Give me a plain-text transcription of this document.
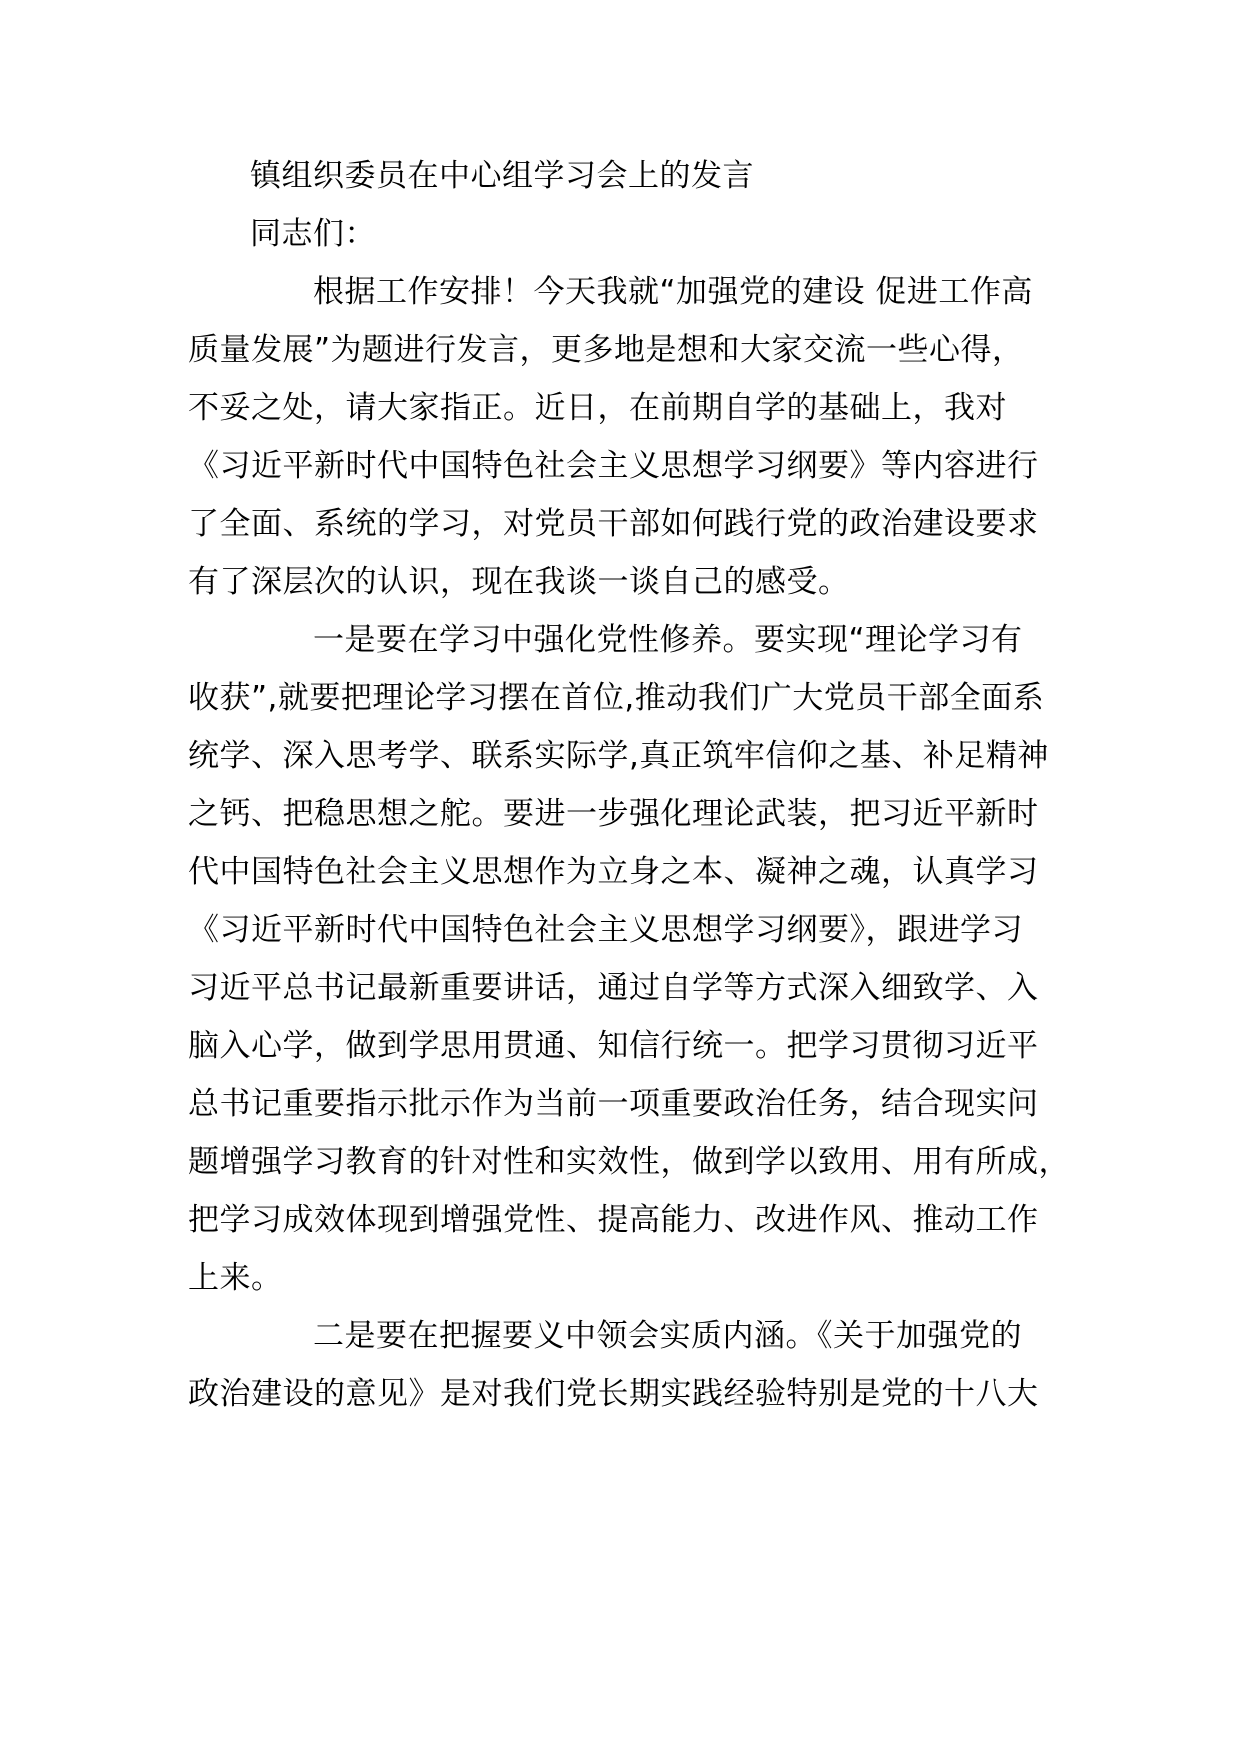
镇组织委员在中心组学习会上的发言
同志们：
根据工作安排！今天我就“加强党的建设 促进工作高
质量发展”为题进行发言，更多地是想和大家交流一些心得，
不妥之处，请大家指正。近日，在前期自学的基础上，我对
《习近平新时代中国特色社会主义思想学习纲要》等内容进行
了全面、系统的学习，对党员干部如何践行党的政治建设要求
有了深层次的认识，现在我谈一谈自己的感受。
一是要在学习中强化党性修养。要实现“理论学习有
收获”,就要把理论学习摆在首位,推动我们广大党员干部全面系
统学、深入思考学、联系实际学,真正筑牢信仰之基、补足精神
之钙、把稳思想之舵。要进一步强化理论武装，把习近平新时
代中国特色社会主义思想作为立身之本、凝神之魂，认真学习
《习近平新时代中国特色社会主义思想学习纲要》，跟进学习
习近平总书记最新重要讲话，通过自学等方式深入细致学、入
脑入心学，做到学思用贯通、知信行统一。把学习贯彻习近平
总书记重要指示批示作为当前一项重要政治任务，结合现实问
题增强学习教育的针对性和实效性，做到学以致用、用有所成，
把学习成效体现到增强党性、提高能力、改进作风、推动工作
上来。
二是要在把握要义中领会实质内涵。《关于加强党的
政治建设的意见》是对我们党长期实践经验特别是党的十八大
